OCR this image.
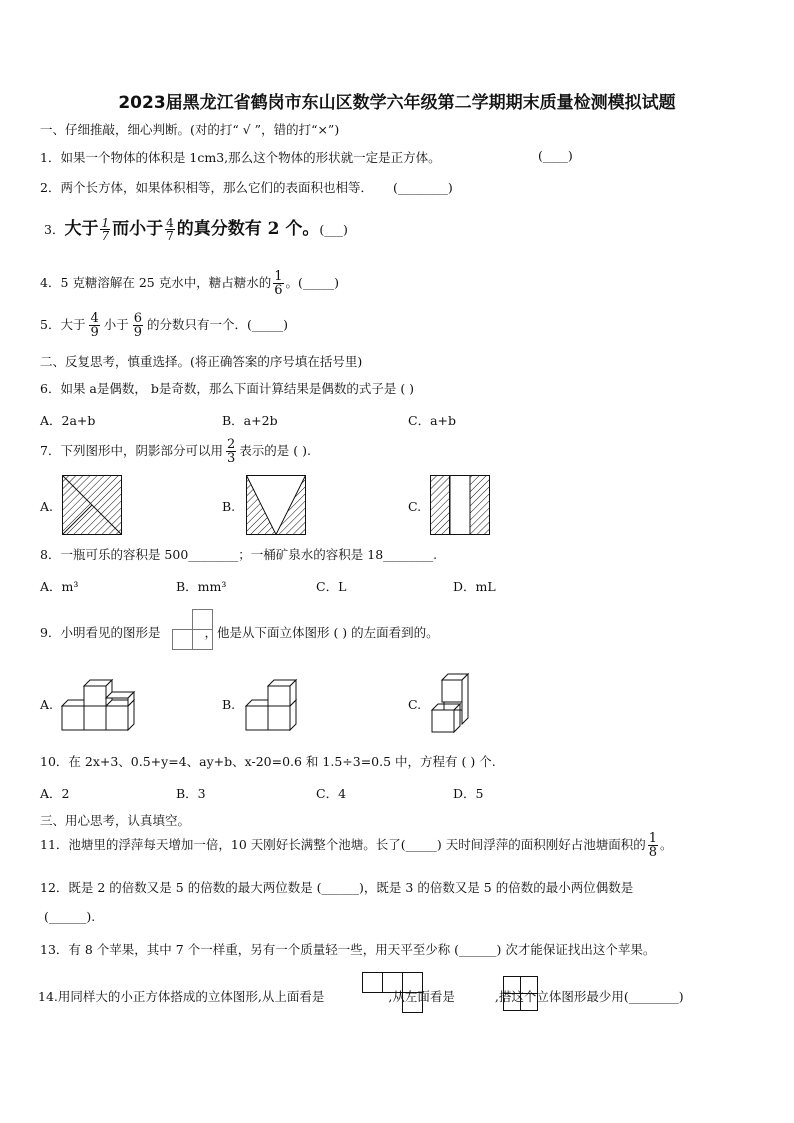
2023届黑龙江省鹤岗市东山区数学六年级第二学期期末质量检测模拟试题
一、仔细推敲，细心判断。(对的打“ √ ”，错的打“×”)
1．如果一个物体的体积是 1cm3,那么这个物体的形状就一定是正方体。	(____)
2．两个长方体，如果体积相等，那么它们的表面积也相等． (________)
3．大于 $\frac{1}{7}$ 而小于 $\frac{4}{7}$ 的真分数有 2 个。(___)
4．5 克糖溶解在 25 克水中，糖占糖水的 $\frac{1}{6}$ 。(_____)
5．大于 $\frac{4}{9}$ 小于 $\frac{6}{9}$ 的分数只有一个．(_____)
二、反复思考，慎重选择。(将正确答案的序号填在括号里)
6．如果 a是偶数， b是奇数，那么下面计算结果是偶数的式子是 ( )
A．2a+b	B．a+2b	C．a+b
7．下列图形中，阴影部分可以用 $\frac{2}{3}$ 表示的是 ( ).
A.	B.	C.
8．一瓶可乐的容积是 500________；一桶矿泉水的容积是 18________.
A．m³	B．mm³	C．L	D．mL
9．小明看见的图形是	，他是从下面立体图形 ( ) 的左面看到的。
A.	B.	C.
10．在 2x+3、0.5+y=4、ay+b、x-20=0.6 和 1.5÷3=0.5 中，方程有 ( ) 个.
A．2	B．3	C．4	D．5
三、用心思考，认真填空。
11．池塘里的浮萍每天增加一倍，10 天刚好长满整个池塘。长了(_____) 天时间浮萍的面积刚好占池塘面积的 $\frac{1}{8}$ 。
12．既是 2 的倍数又是 5 的倍数的最大两位数是 (______)，既是 3 的倍数又是 5 的倍数的最小两位偶数是
(______).
13．有 8 个苹果，其中 7 个一样重，另有一个质量轻一些，用天平至少称 (______) 次才能保证找出这个苹果。
14.用同样大的小正方体搭成的立体图形,从上面看是	,从左面看是	,搭这个立体图形最少用(________)
